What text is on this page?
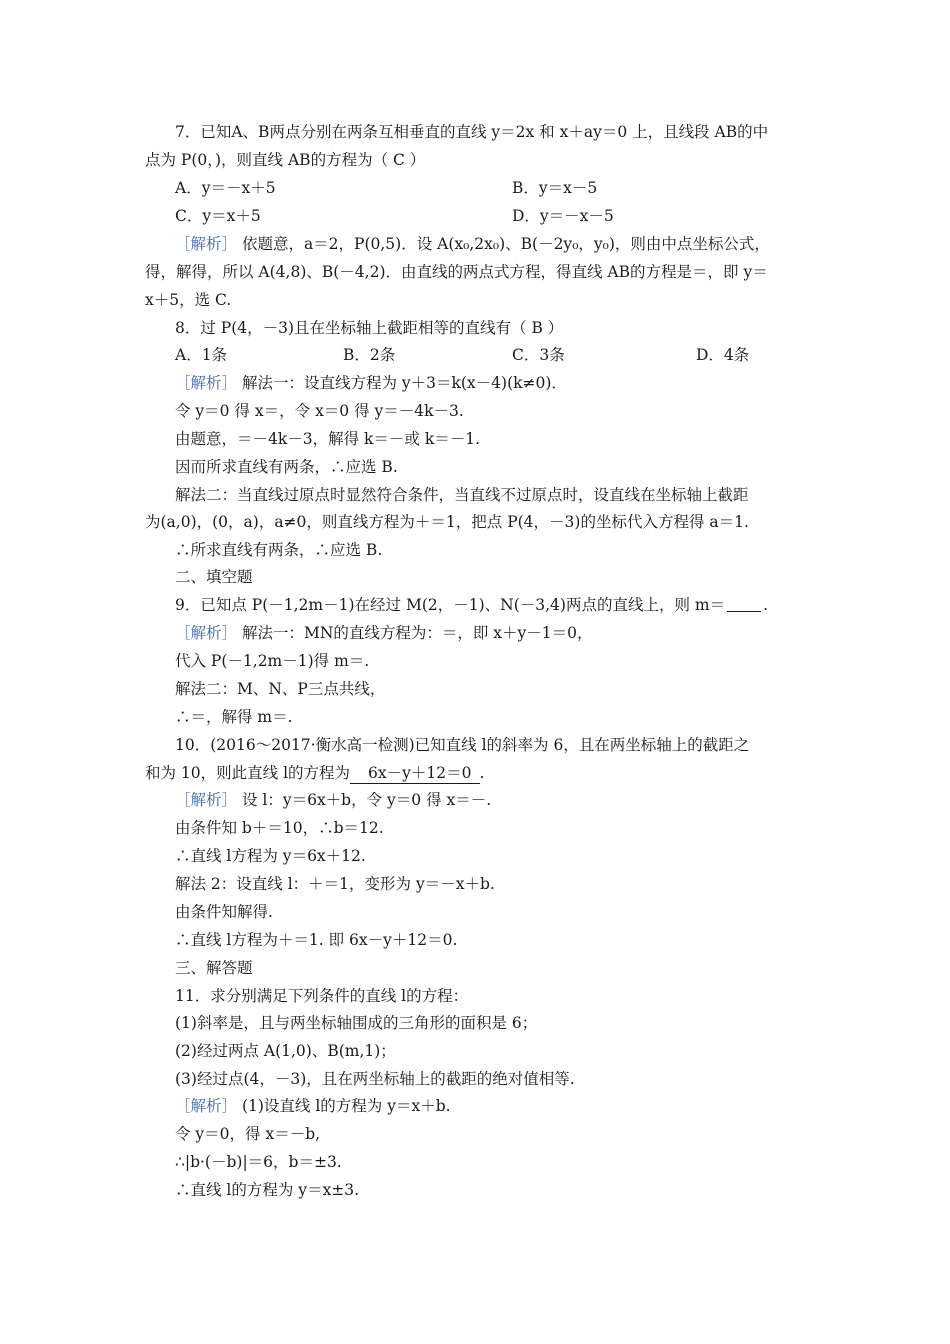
7．已知A、B两点分别在两条互相垂直的直线 y＝2x 和 x＋ay＝0 上，且线段 AB的中
点为 P(0，)，则直线 AB的方程为（ C ）
A．y＝－x＋5	B．y＝x－5
C．y＝x＋5	D．y＝－x－5
［解析］ 依题意，a＝2，P(0,5)．设 A(x₀,2x₀)、B(－2y₀，y₀)，则由中点坐标公式，
得，解得，所以 A(4,8)、B(－4,2)．由直线的两点式方程，得直线 AB的方程是＝，即 y＝
x＋5，选 C.
8．过 P(4，－3)且在坐标轴上截距相等的直线有（ B ）
A．1条	B．2条	C．3条	D．4条
［解析］ 解法一：设直线方程为 y＋3＝k(x－4)(k≠0)．
令 y＝0 得 x＝，令 x＝0 得 y＝－4k－3.
由题意，＝－4k－3，解得 k＝－或 k＝－1.
因而所求直线有两条，∴应选 B.
解法二：当直线过原点时显然符合条件，当直线不过原点时，设直线在坐标轴上截距
为(a,0)，(0，a)，a≠0，则直线方程为＋＝1，把点 P(4，－3)的坐标代入方程得 a＝1.
∴所求直线有两条，∴应选 B.
二、填空题
9．已知点 P(－1,2m－1)在经过 M(2，－1)、N(－3,4)两点的直线上，则 m＝ .
［解析］ 解法一：MN的直线方程为：＝，即 x＋y－1＝0，
代入 P(－1,2m－1)得 m＝.
解法二：M、N、P三点共线，
∴＝，解得 m＝.
10．(2016～2017·衡水高一检测)已知直线 l的斜率为 6，且在两坐标轴上的截距之
和为 10，则此直线 l的方程为 6x－y＋12＝0 .
［解析］ 设 l：y＝6x＋b，令 y＝0 得 x＝－.
由条件知 b＋＝10，∴b＝12.
∴直线 l方程为 y＝6x＋12.
解法 2：设直线 l：＋＝1，变形为 y＝－x＋b.
由条件知解得.
∴直线 l方程为＋＝1. 即 6x－y＋12＝0.
三、解答题
11．求分别满足下列条件的直线 l的方程：
(1)斜率是，且与两坐标轴围成的三角形的面积是 6；
(2)经过两点 A(1,0)、B(m,1)；
(3)经过点(4，－3)，且在两坐标轴上的截距的绝对值相等.
［解析］ (1)设直线 l的方程为 y＝x＋b.
令 y＝0，得 x＝－b,
∴|b·(－b)|＝6，b＝±3.
∴直线 l的方程为 y＝x±3.
